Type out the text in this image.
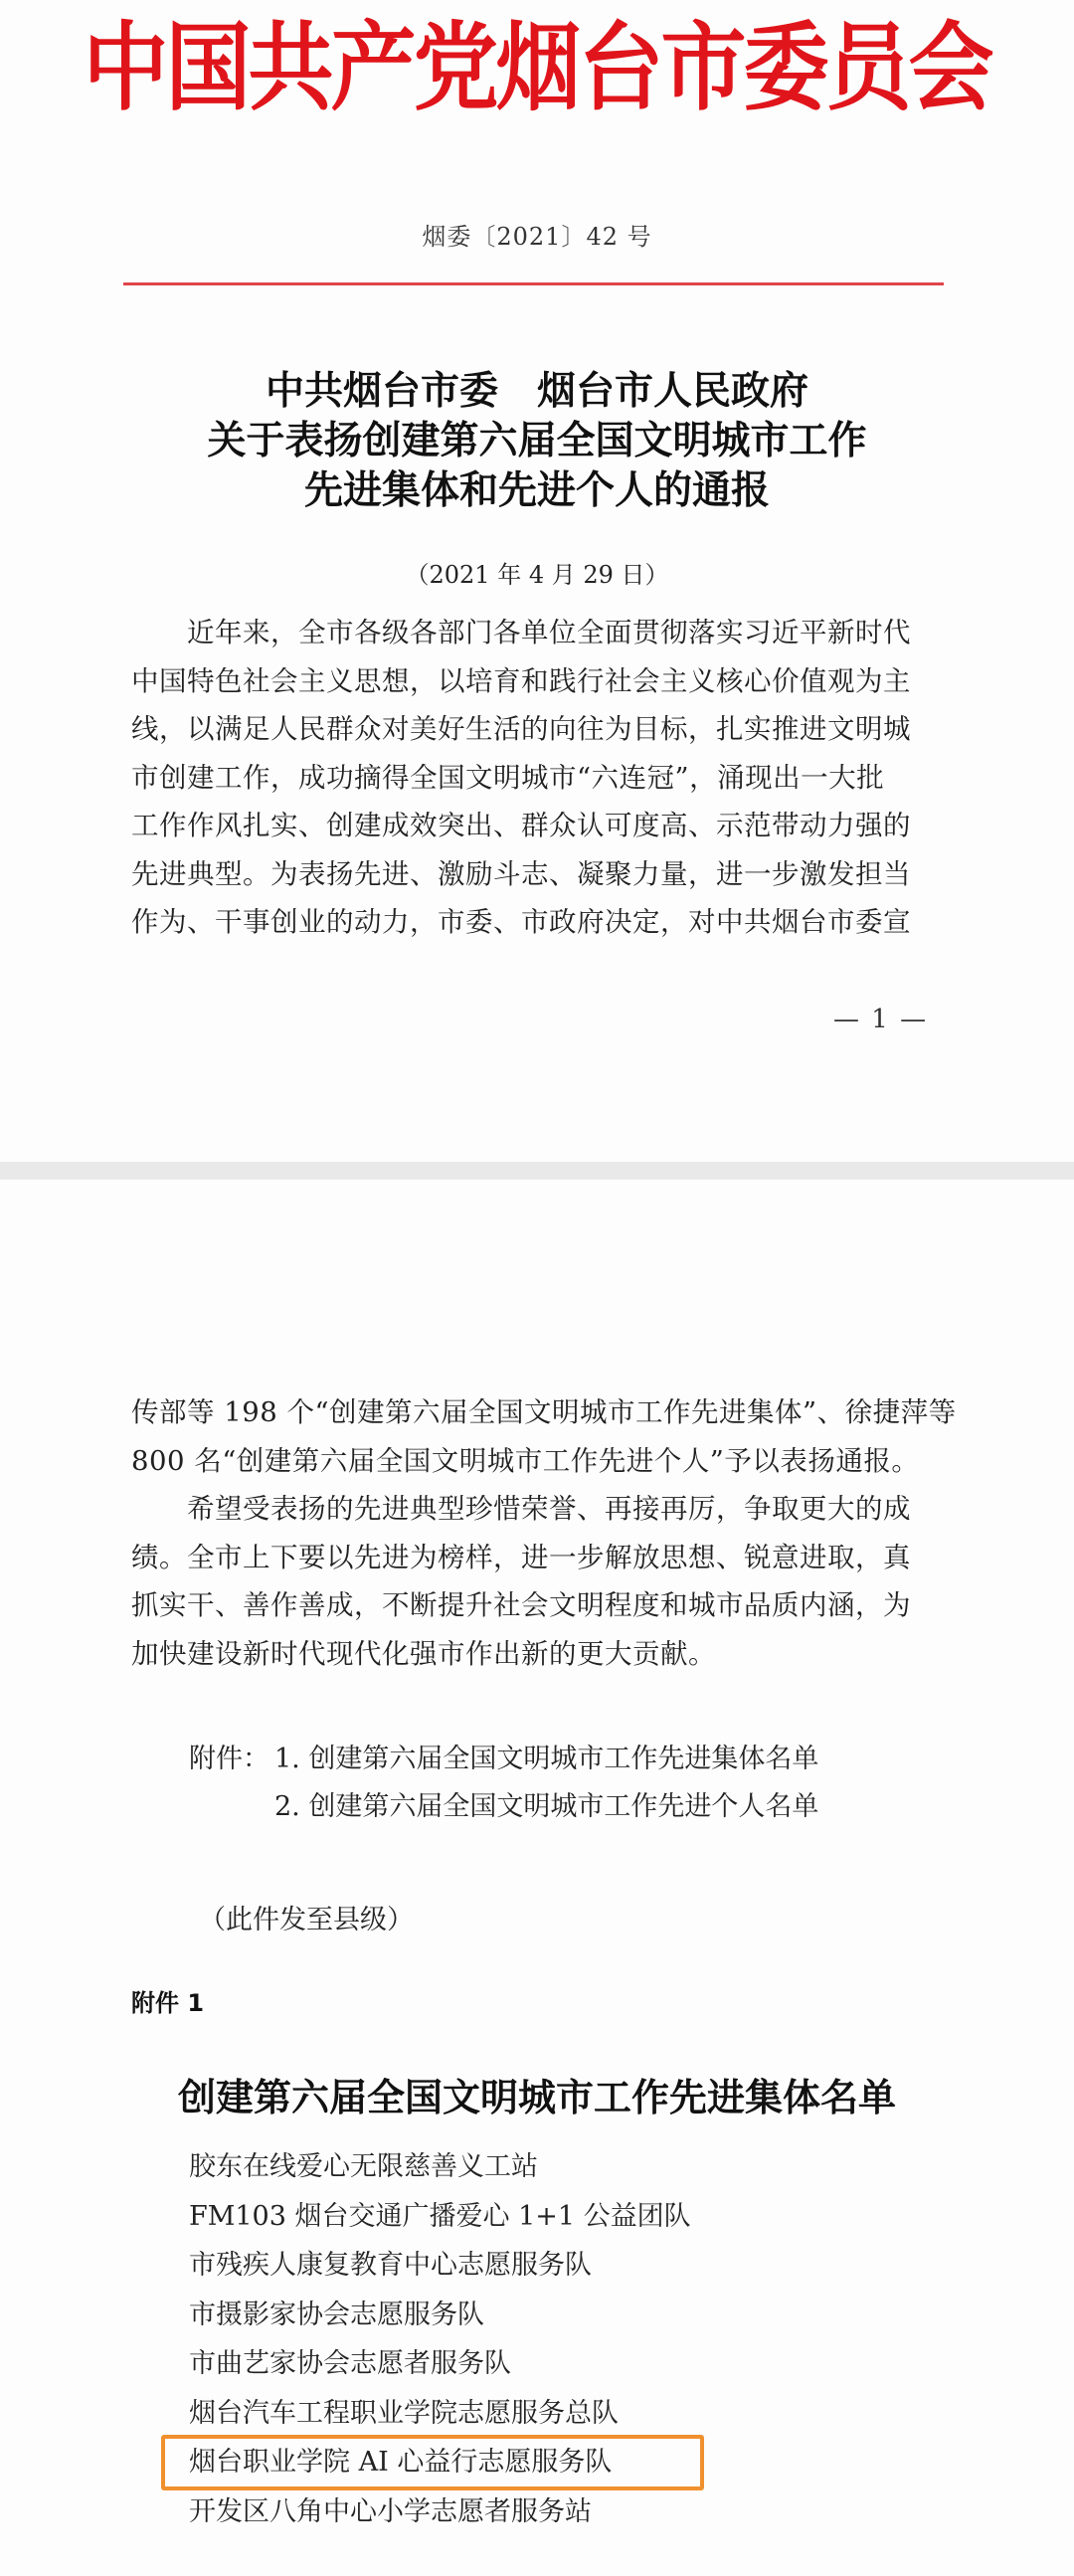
中国共产党烟台市委员会
烟委〔2021〕42 号
中共烟台市委　烟台市人民政府
关于表扬创建第六届全国文明城市工作
先进集体和先进个人的通报
（2021 年 4 月 29 日）
　　近年来，全市各级各部门各单位全面贯彻落实习近平新时代
中国特色社会主义思想，以培育和践行社会主义核心价值观为主
线，以满足人民群众对美好生活的向往为目标，扎实推进文明城
市创建工作，成功摘得全国文明城市“六连冠”，涌现出一大批
工作作风扎实、创建成效突出、群众认可度高、示范带动力强的
先进典型。为表扬先进、激励斗志、凝聚力量，进一步激发担当
作为、干事创业的动力，市委、市政府决定，对中共烟台市委宣
— 1 —
传部等 198 个“创建第六届全国文明城市工作先进集体”、徐捷萍等
800 名“创建第六届全国文明城市工作先进个人”予以表扬通报。
　　希望受表扬的先进典型珍惜荣誉、再接再厉，争取更大的成
绩。全市上下要以先进为榜样，进一步解放思想、锐意进取，真
抓实干、善作善成，不断提升社会文明程度和城市品质内涵，为
加快建设新时代现代化强市作出新的更大贡献。
附件： 1. 创建第六届全国文明城市工作先进集体名单
2. 创建第六届全国文明城市工作先进个人名单
（此件发至县级）
附件 1
创建第六届全国文明城市工作先进集体名单
胶东在线爱心无限慈善义工站
FM103 烟台交通广播爱心 1+1 公益团队
市残疾人康复教育中心志愿服务队
市摄影家协会志愿服务队
市曲艺家协会志愿者服务队
烟台汽车工程职业学院志愿服务总队
烟台职业学院 AI 心益行志愿服务队
开发区八角中心小学志愿者服务站
